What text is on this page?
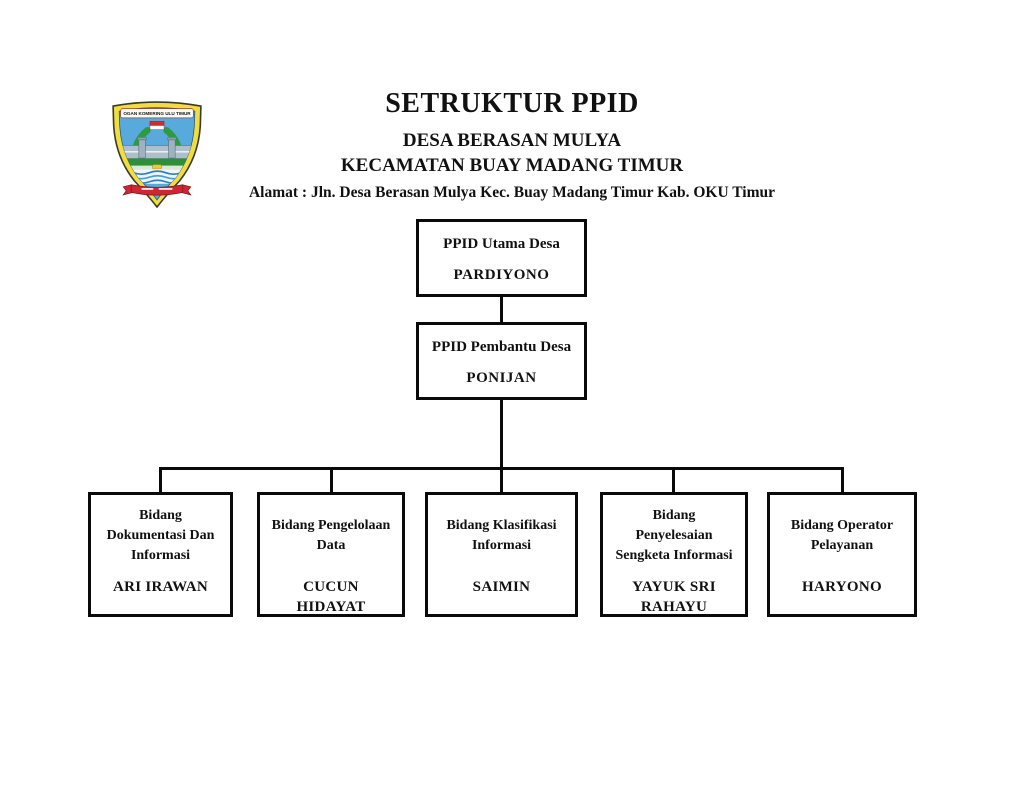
OGAN KOMERING ULU TIMUR	SETRUKTUR PPID
DESA BERASAN MULYA
KECAMATAN BUAY MADANG TIMUR
Alamat : Jln. Desa Berasan Mulya Kec. Buay Madang Timur Kab. OKU Timur
PPID Utama Desa
PARDIYONO
PPID Pembantu Desa
PONIJAN
Bidang Dokumentasi Dan Informasi
ARI IRAWAN
Bidang Pengelolaan Data
CUCUN HIDAYAT
Bidang Klasifikasi Informasi
SAIMIN
Bidang Penyelesaian Sengketa Informasi
YAYUK SRI RAHAYU
Bidang Operator Pelayanan
HARYONO
